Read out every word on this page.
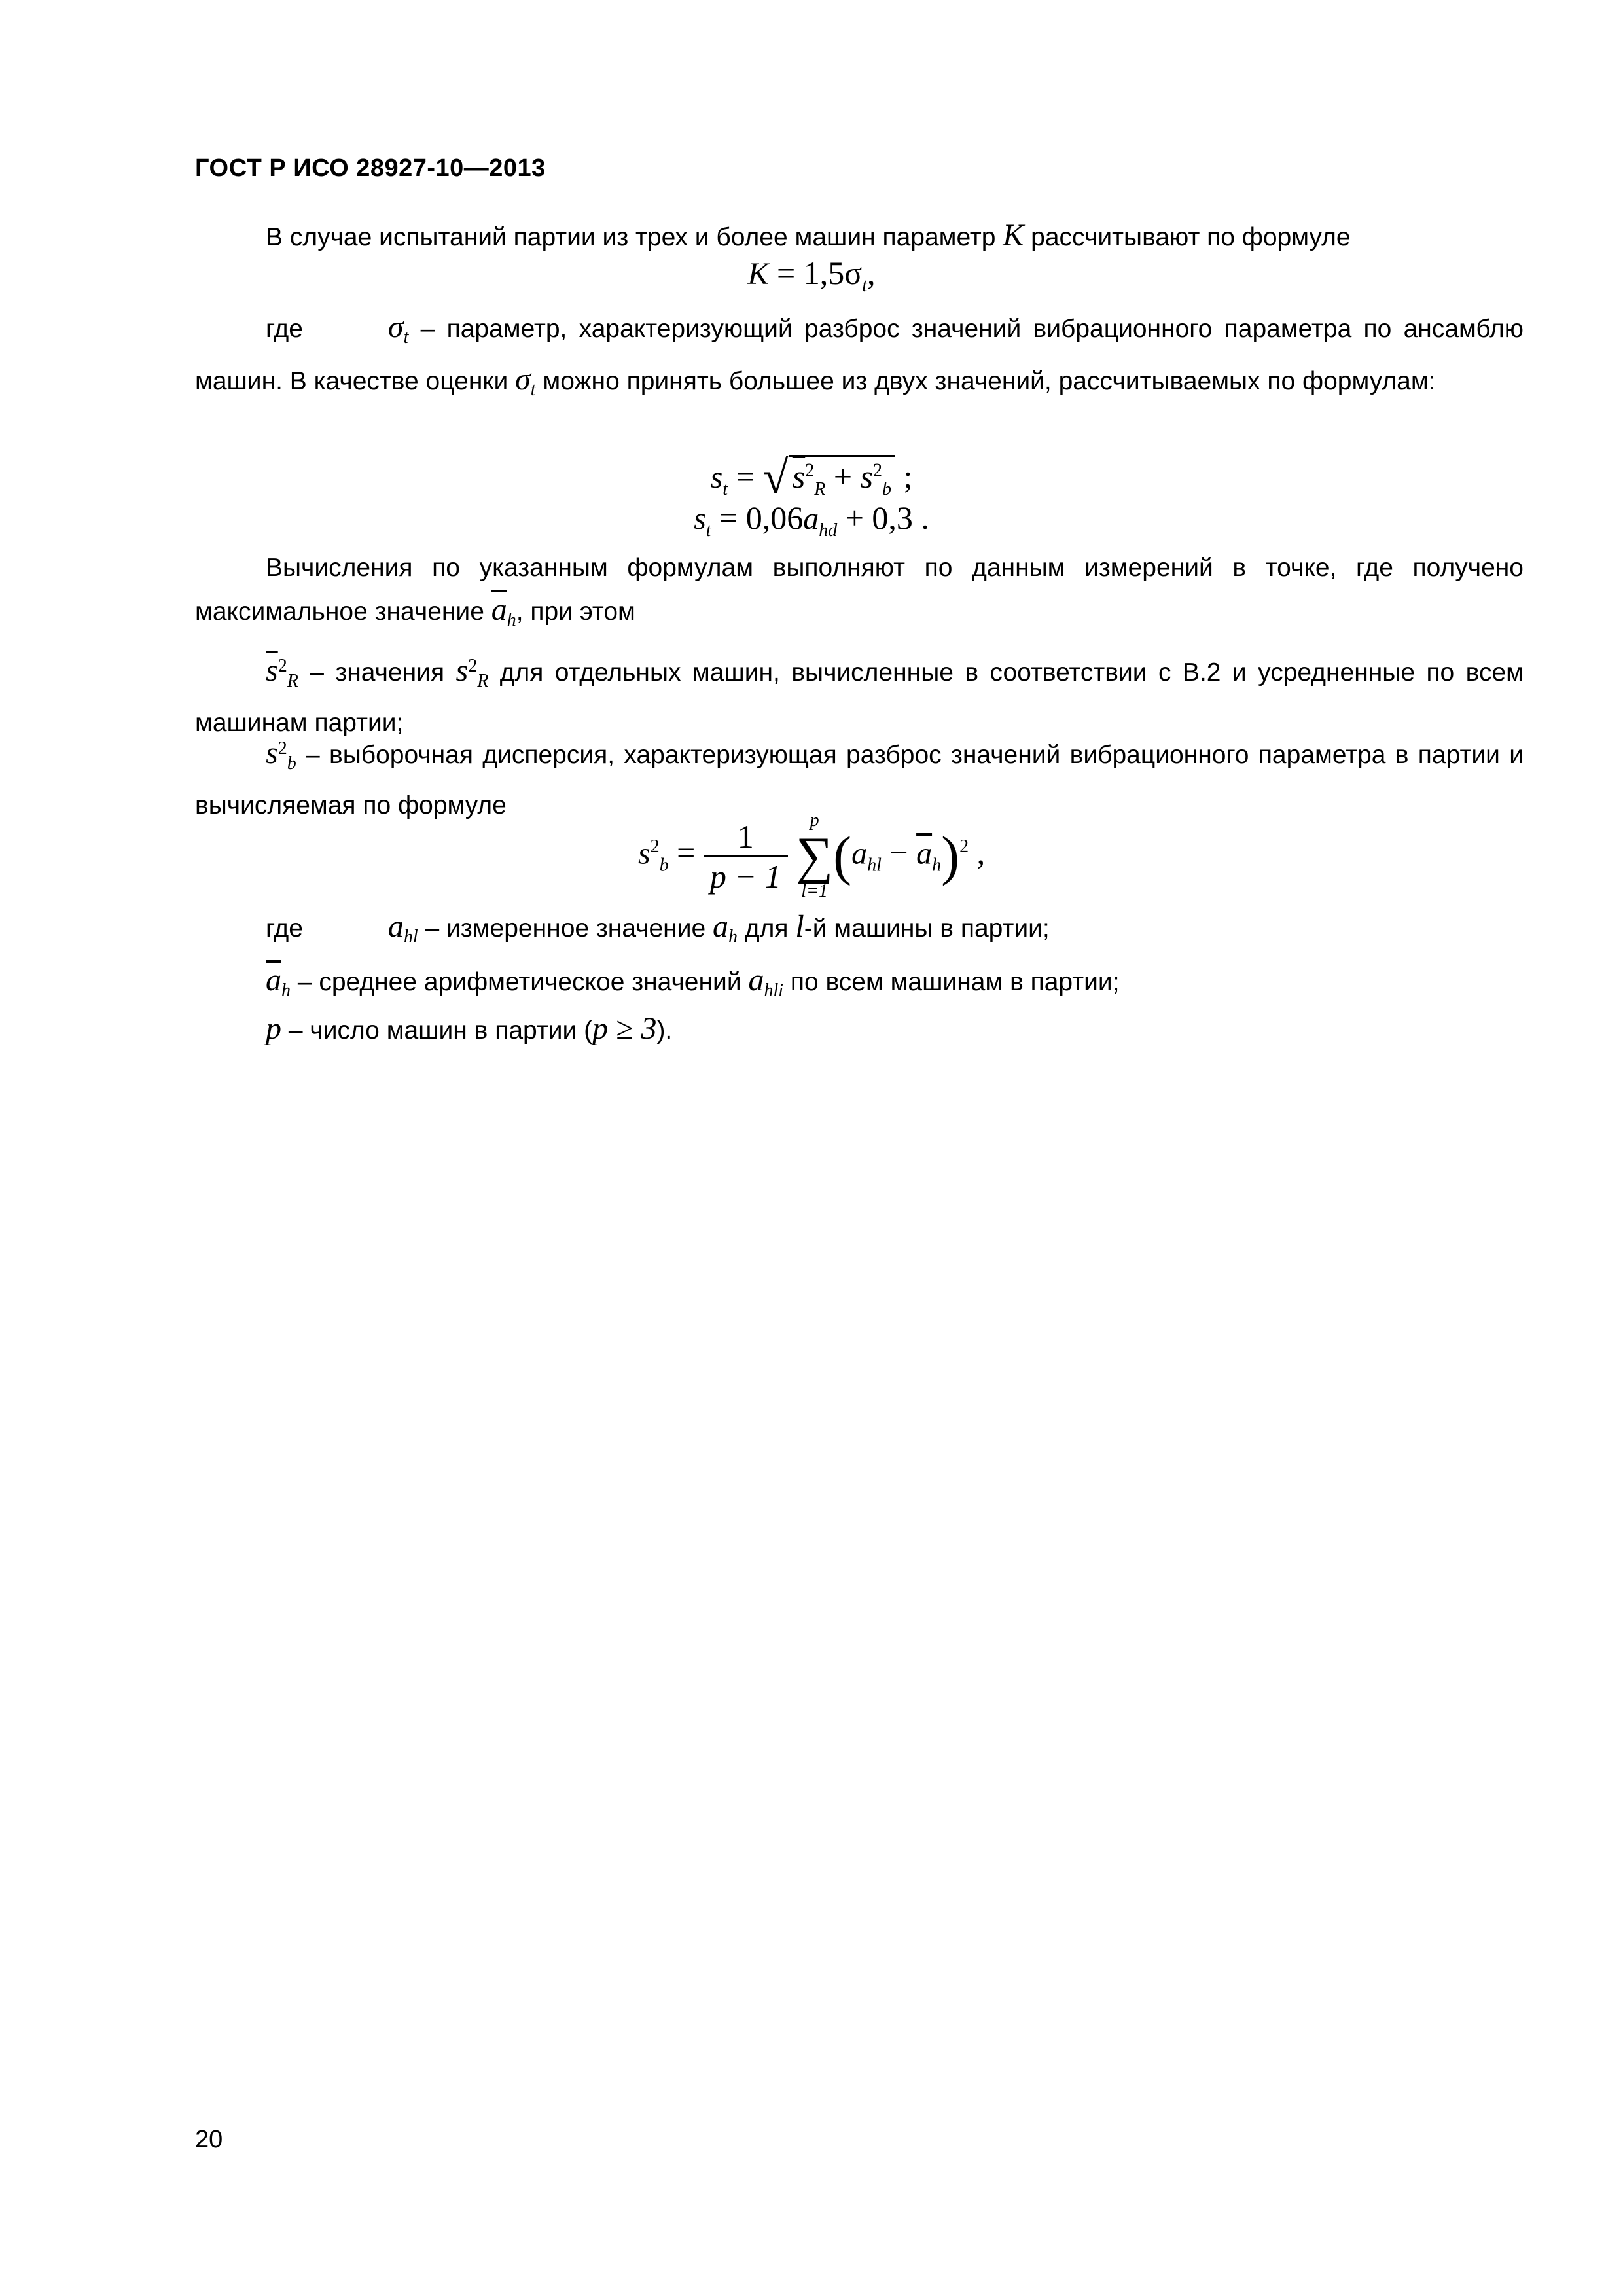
ГОСТ Р ИСО 28927-10—2013
В случае испытаний партии из трех и более машин параметр K рассчитывают по формуле
$K = 1,5\sigma_t$,
где	$\sigma_t$ – параметр, характеризующий разброс значений вибрационного параметра по ансамблю машин. В качестве оценки $\sigma_t$ можно принять большее из двух значений, рассчитываемых по формулам:
$s_t$ = √ $s^2_R + s^2_b$ ;
$s_t = 0,06a_{hd} + 0,3$ .
Вычисления по указанным формулам выполняют по данным измерений в точке, где получено максимальное значение $\overline{a}_h$, при этом
$\overline{s}^2_R$ – значения $s^2_R$ для отдельных машин, вычисленные в соответствии с В.2 и усредненные по всем машинам партии;
$s^2_b$ – выборочная дисперсия, характеризующая разброс значений вибрационного параметра в партии и вычисляемая по формуле
$s^2_b = \frac{1}{p - 1}$
	p
∑
l=1
$(a_{hl} - \overline{a}_h)^2$ ,
где	$a_{hl}$ – измеренное значение $a_h$ для l-й машины в партии;
$\overline{a}_h$ – среднее арифметическое значений $a_{hli}$ по всем машинам в партии;
p – число машин в партии (p ≥ 3).
20
